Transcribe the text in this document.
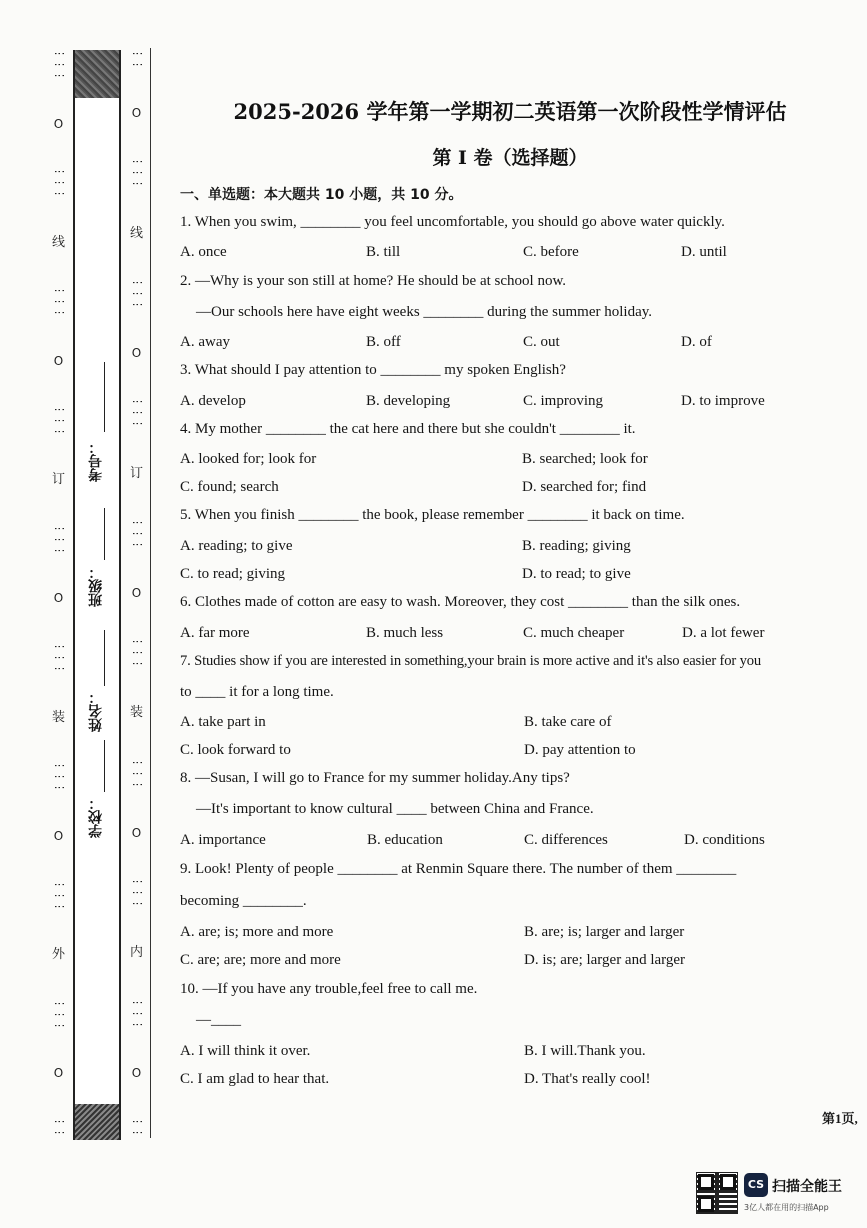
⋮⋮⋮
O
⋮⋮⋮
线
⋮⋮⋮
O
⋮⋮⋮
订
⋮⋮⋮
O
⋮⋮⋮
装
⋮⋮⋮
O
⋮⋮⋮
外
⋮⋮⋮
O
⋮⋮
考号：
班级：
姓名：
学校：
⋮⋮
O
⋮⋮⋮
线
⋮⋮⋮
O
⋮⋮⋮
订
⋮⋮⋮
O
⋮⋮⋮
装
⋮⋮⋮
O
⋮⋮⋮
内
⋮⋮⋮
O
⋮⋮
2025-2026 学年第一学期初二英语第一次阶段性学情评估
第 I 卷（选择题）
一、单选题：本大题共 10 小题，共 10 分。
1. When you swim, ________ you feel uncomfortable, you should go above water quickly.
A. once	B. till	C. before	D. until
2. —Why is your son still at home? He should be at school now.
—Our schools here have eight weeks ________ during the summer holiday.
A. away	B. off	C. out	D. of
3. What should I pay attention to ________ my spoken English?
A. develop	B. developing	C. improving	D. to improve
4. My mother ________ the cat here and there but she couldn't ________ it.
A. looked for; look for	B. searched; look for
C. found; search	D. searched for; find
5. When you finish ________ the book, please remember ________ it back on time.
A. reading; to give	B. reading; giving
C. to read; giving	D. to read; to give
6. Clothes made of cotton are easy to wash. Moreover, they cost ________ than the silk ones.
A. far more	B. much less	C. much cheaper	D. a lot fewer
7. Studies show if you are interested in something,your brain is more active and it's also easier for you
to ____ it for a long time.
A. take part in	B. take care of
C. look forward to	D. pay attention to
8. —Susan, I will go to France for my summer holiday.Any tips?
—It's important to know cultural ____ between China and France.
A. importance	B. education	C. differences	D. conditions
9. Look! Plenty of people ________ at Renmin Square there. The number of them ________
becoming ________.
A. are; is; more and more	B. are; is; larger and larger
C. are; are; more and more	D. is; are; larger and larger
10. —If you have any trouble,feel free to call me.
—____
A. I will think it over.	B. I will.Thank you.
C. I am glad to hear that.	D. That's really cool!
第1页,
CS 扫描全能王
3亿人都在用的扫描App
